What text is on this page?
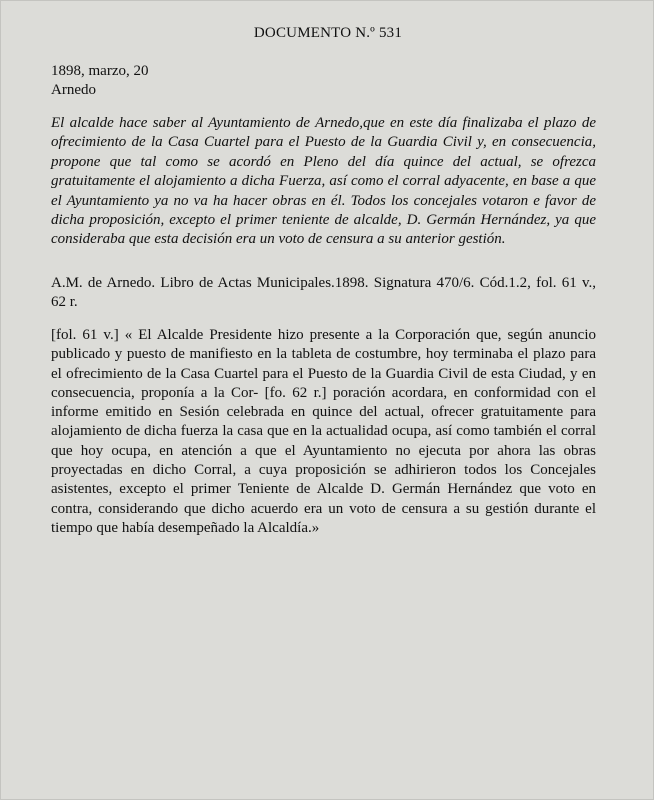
DOCUMENTO N.º 531
1898, marzo, 20
Arnedo

El alcalde hace saber al Ayuntamiento de Arnedo,que en este día finalizaba el plazo de ofrecimiento de la Casa Cuartel para el Puesto de la Guardia Civil y, en consecuencia, propone que tal como se acordó en Pleno del día quince del actual, se ofrezca gratuitamente el alojamiento a dicha Fuerza, así como el corral adyacente, en base a que el Ayuntamiento ya no va ha hacer obras en él. Todos los concejales votaron e favor de dicha proposición, excepto el primer teniente de alcalde, D. Germán Hernández, ya que consideraba que esta decisión era un voto de censura a su anterior gestión.

A.M. de Arnedo. Libro de Actas Municipales.1898. Signatura 470/6. Cód.1.2, fol. 61 v., 62 r.

[fol. 61 v.] « El Alcalde Presidente hizo presente a la Corporación que, según anuncio publicado y puesto de manifiesto en la tableta de costumbre, hoy terminaba el plazo para el ofrecimiento de la Casa Cuartel para el Puesto de la Guardia Civil de esta Ciudad, y en consecuencia, proponía a la Cor- [fo. 62 r.] poración acordara, en conformidad con el informe emitido en Sesión celebrada en quince del actual, ofrecer gratuitamente para alojamiento de dicha fuerza la casa que en la actualidad ocupa, así como también el corral que hoy ocupa, en atención a que el Ayuntamiento no ejecuta por ahora las obras proyectadas en dicho Corral, a cuya proposición se adhirieron todos los Concejales asistentes, excepto el primer Teniente de Alcalde D. Germán Hernández que voto en contra, considerando que dicho acuerdo era un voto de censura a su gestión durante el tiempo que había desempeñado la Alcaldía.»
